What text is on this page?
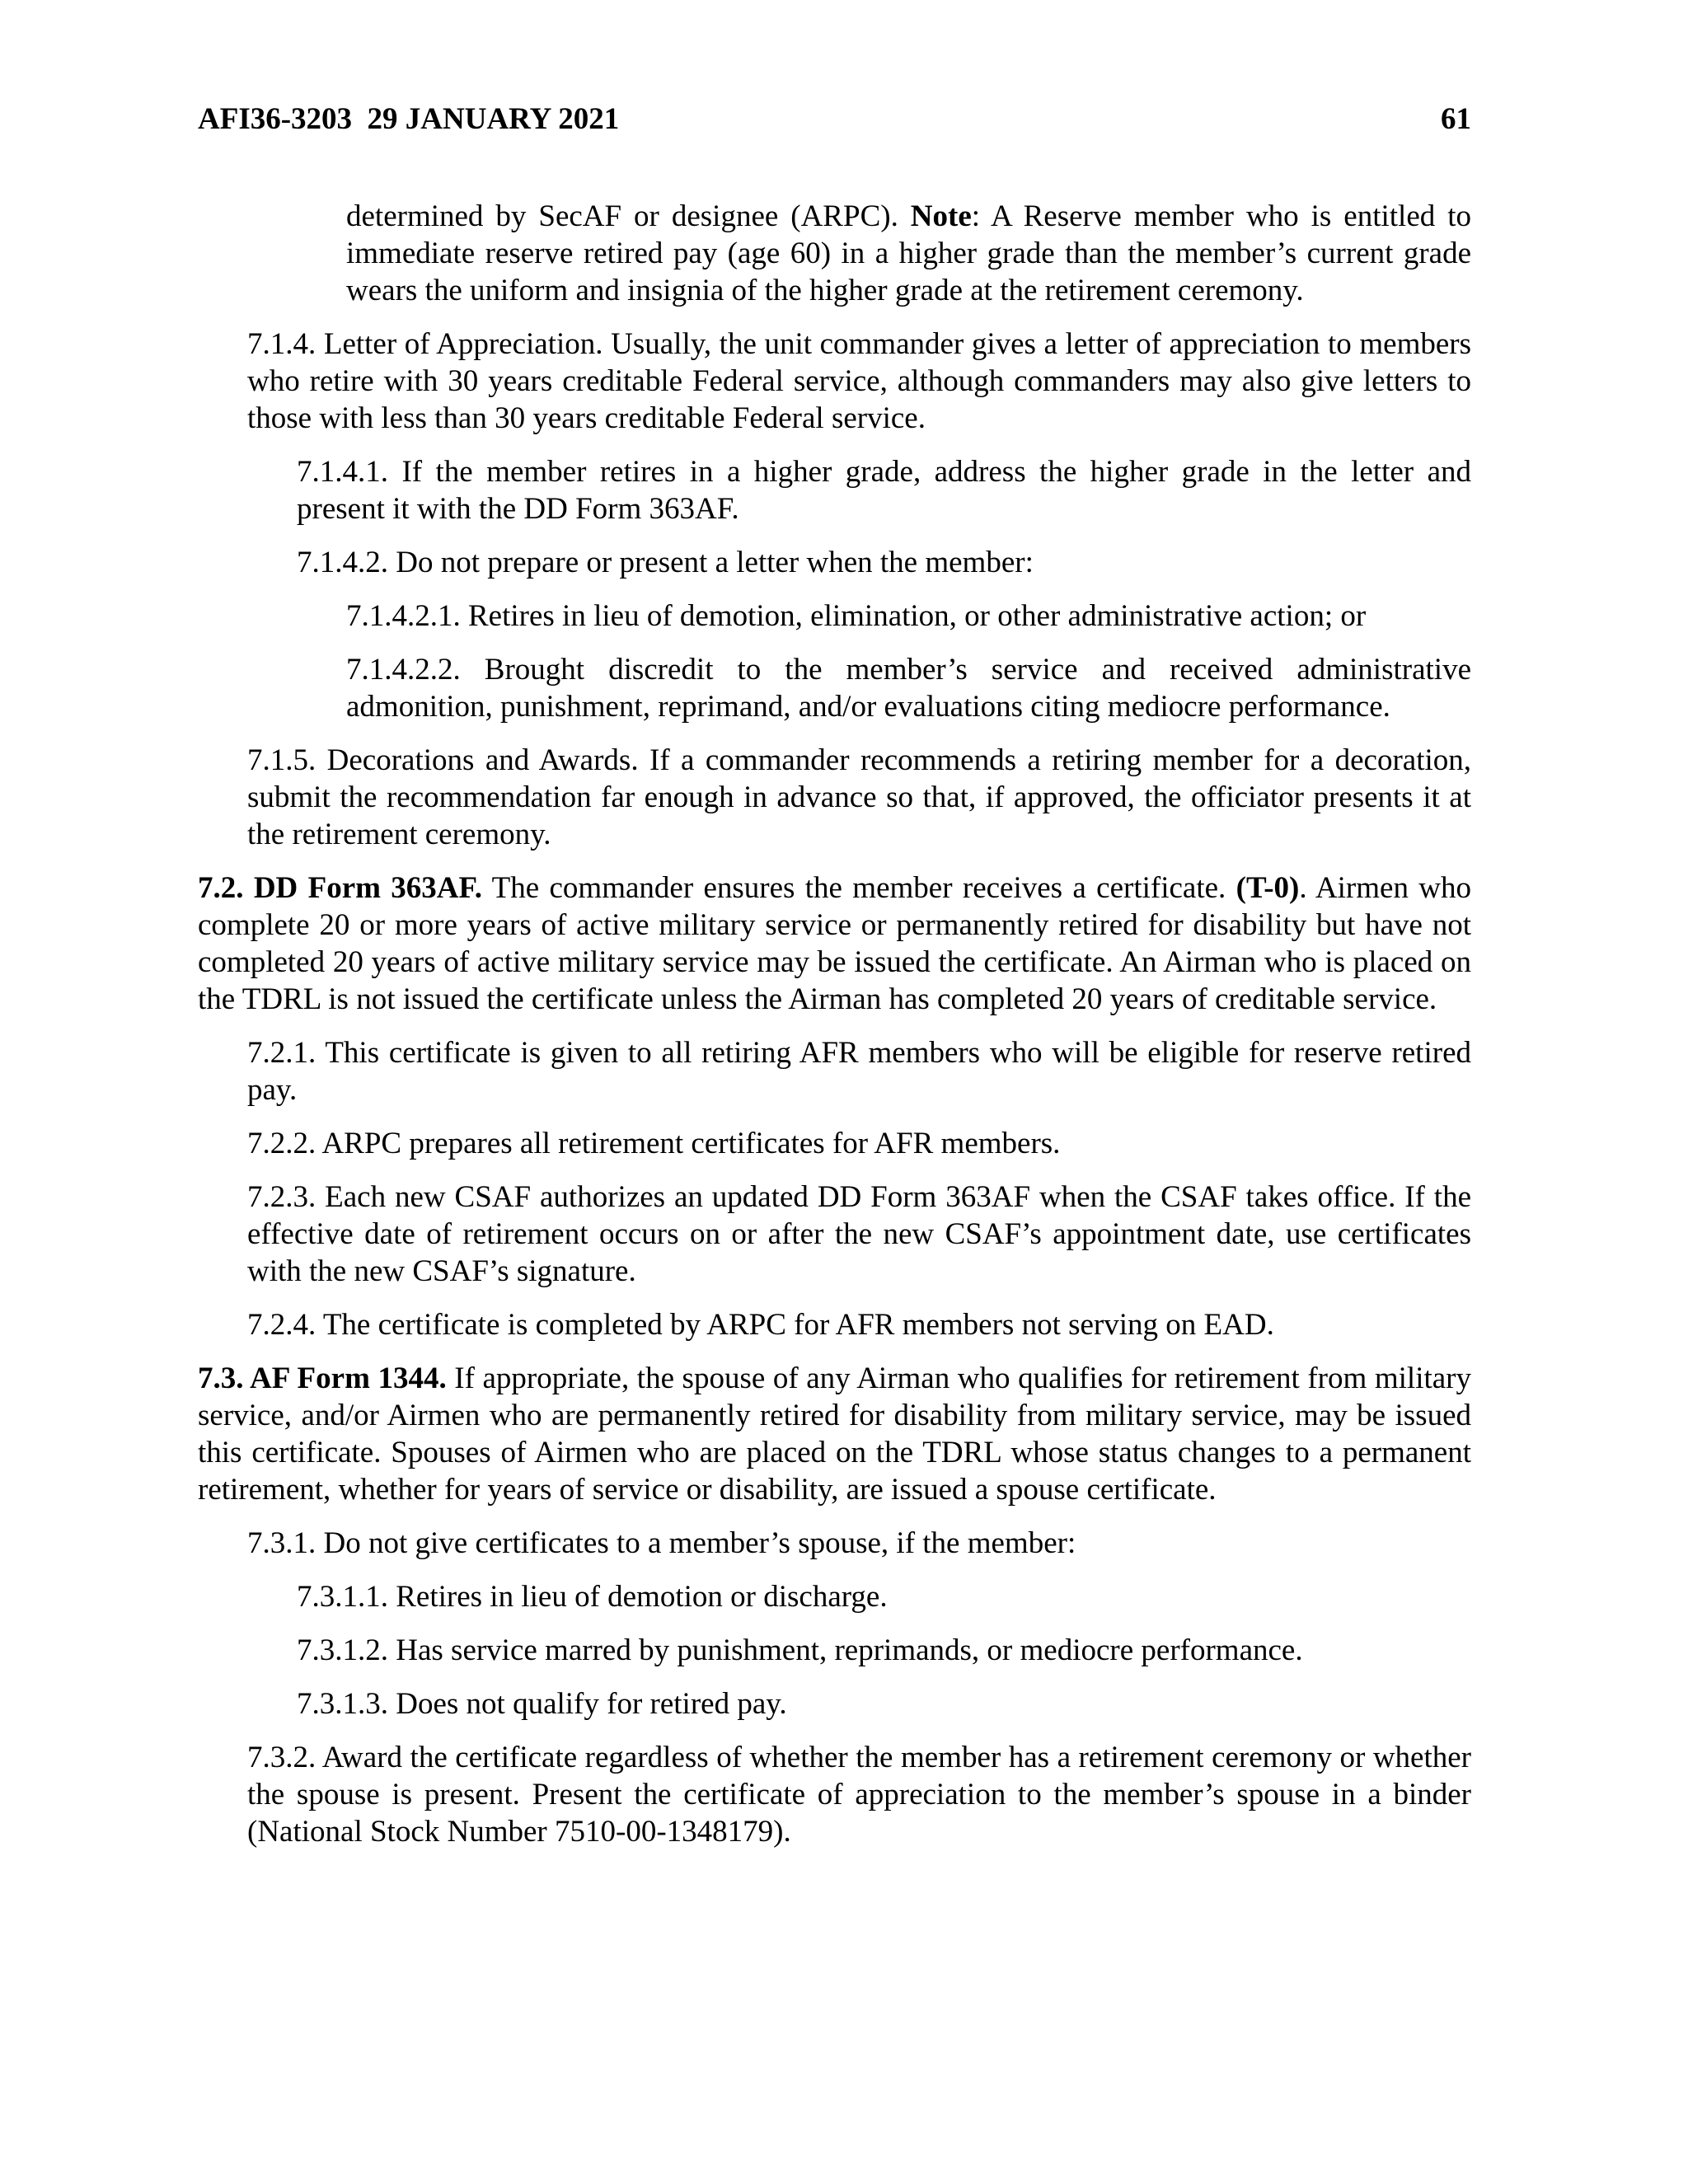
AFI36-3203  29 JANUARY 2021	61

determined by SecAF or designee (ARPC). Note: A Reserve member who is entitled to immediate reserve retired pay (age 60) in a higher grade than the member’s current grade wears the uniform and insignia of the higher grade at the retirement ceremony.

7.1.4. Letter of Appreciation. Usually, the unit commander gives a letter of appreciation to members who retire with 30 years creditable Federal service, although commanders may also give letters to those with less than 30 years creditable Federal service.

7.1.4.1. If the member retires in a higher grade, address the higher grade in the letter and present it with the DD Form 363AF.

7.1.4.2. Do not prepare or present a letter when the member:

7.1.4.2.1. Retires in lieu of demotion, elimination, or other administrative action; or

7.1.4.2.2. Brought discredit to the member’s service and received administrative admonition, punishment, reprimand, and/or evaluations citing mediocre performance.

7.1.5. Decorations and Awards. If a commander recommends a retiring member for a decoration, submit the recommendation far enough in advance so that, if approved, the officiator presents it at the retirement ceremony.

7.2. DD Form 363AF. The commander ensures the member receives a certificate. (T-0). Airmen who complete 20 or more years of active military service or permanently retired for disability but have not completed 20 years of active military service may be issued the certificate. An Airman who is placed on the TDRL is not issued the certificate unless the Airman has completed 20 years of creditable service.

7.2.1. This certificate is given to all retiring AFR members who will be eligible for reserve retired pay.

7.2.2. ARPC prepares all retirement certificates for AFR members.

7.2.3. Each new CSAF authorizes an updated DD Form 363AF when the CSAF takes office. If the effective date of retirement occurs on or after the new CSAF’s appointment date, use certificates with the new CSAF’s signature.

7.2.4. The certificate is completed by ARPC for AFR members not serving on EAD.

7.3. AF Form 1344. If appropriate, the spouse of any Airman who qualifies for retirement from military service, and/or Airmen who are permanently retired for disability from military service, may be issued this certificate. Spouses of Airmen who are placed on the TDRL whose status changes to a permanent retirement, whether for years of service or disability, are issued a spouse certificate.

7.3.1. Do not give certificates to a member’s spouse, if the member:

7.3.1.1. Retires in lieu of demotion or discharge.

7.3.1.2. Has service marred by punishment, reprimands, or mediocre performance.

7.3.1.3. Does not qualify for retired pay.

7.3.2. Award the certificate regardless of whether the member has a retirement ceremony or whether the spouse is present. Present the certificate of appreciation to the member’s spouse in a binder (National Stock Number 7510-00-1348179).
